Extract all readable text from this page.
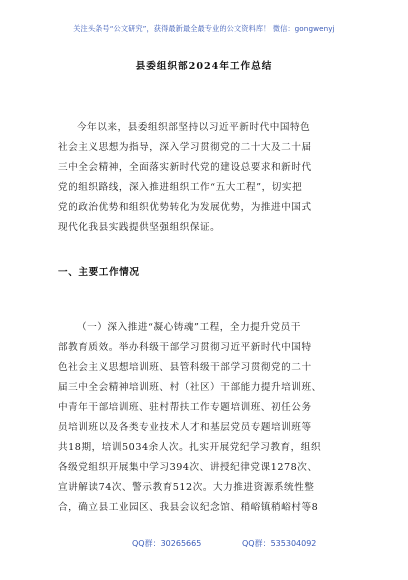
关注头条号“公文研究”，获得最新最全最专业的公文资料库！ 微信：gongwenyj
县委组织部2024年工作总结
今年以来，县委组织部坚持以习近平新时代中国特色
社会主义思想为指导，深入学习贯彻党的二十大及二十届
三中全会精神，全面落实新时代党的建设总要求和新时代
党的组织路线，深入推进组织工作“五大工程”，切实把
党的政治优势和组织优势转化为发展优势，为推进中国式
现代化我县实践提供坚强组织保证。
一、主要工作情况
（一）深入推进“凝心铸魂”工程，全力提升党员干
部教育质效。举办科级干部学习贯彻习近平新时代中国特
色社会主义思想培训班、县管科级干部学习贯彻党的二十
届三中全会精神培训班、村（社区）干部能力提升培训班、
中青年干部培训班、驻村帮扶工作专题培训班、初任公务
员培训班以及各类专业技术人才和基层党员专题培训班等
共18期，培训5034余人次。扎实开展党纪学习教育，组织
各级党组织开展集中学习394次、讲授纪律党课1278次、
宣讲解读74次、警示教育512次。大力推进资源系统性整
合，确立县工业园区、我县会议纪念馆、稍峪镇稍峪村等8
QQ群：30265665	QQ群：535304092
